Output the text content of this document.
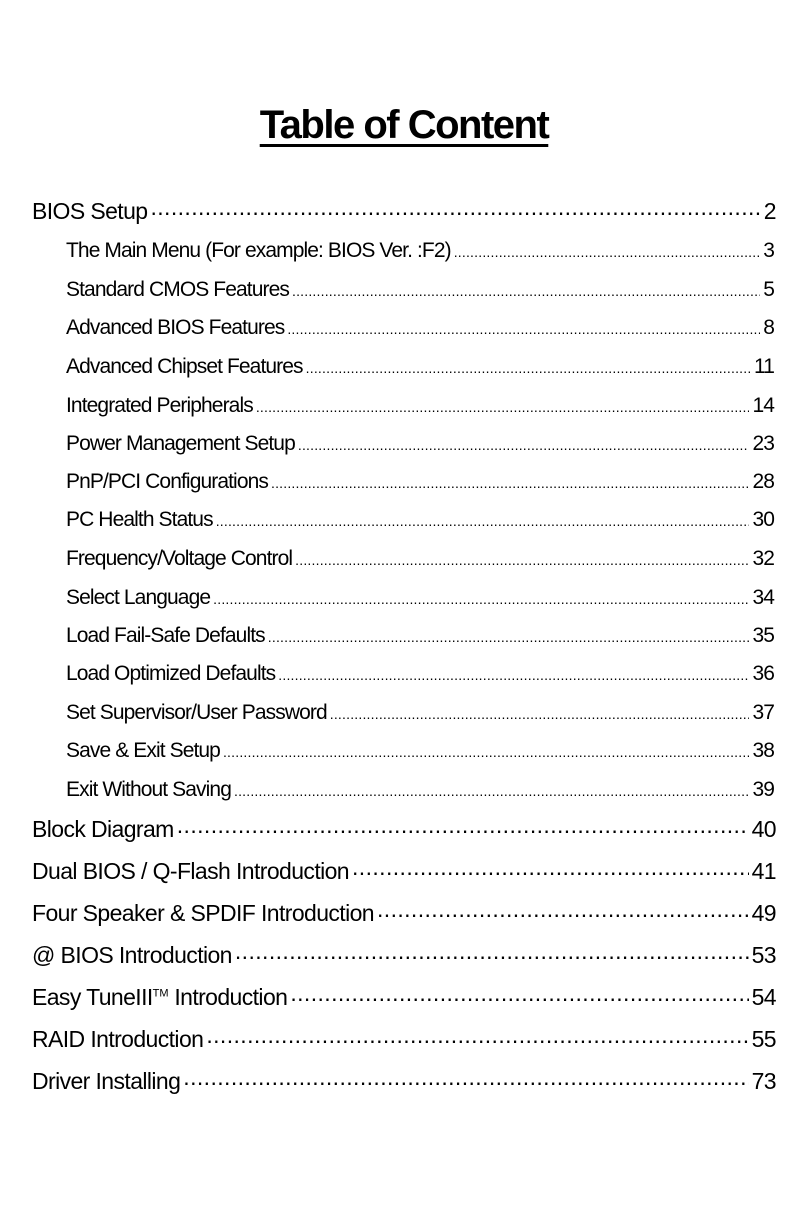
Table of Content
BIOS Setup .....	2
The Main Menu (For example: BIOS Ver. :F2) .....	3
Standard CMOS Features .....	5
Advanced BIOS Features .....	8
Advanced Chipset Features .....	11
Integrated Peripherals .....	14
Power Management Setup .....	23
PnP/PCI Configurations .....	28
PC Health Status .....	30
Frequency/Voltage Control .....	32
Select Language .....	34
Load Fail-Safe Defaults .....	35
Load Optimized Defaults .....	36
Set Supervisor/User Password .....	37
Save & Exit Setup .....	38
Exit Without Saving .....	39
Block Diagram .....	40
Dual BIOS / Q-Flash Introduction .....	41
Four Speaker & SPDIF Introduction .....	49
@ BIOS Introduction .....	53
Easy TuneIII™ Introduction .....	54
RAID Introduction .....	55
Driver Installing .....	73
